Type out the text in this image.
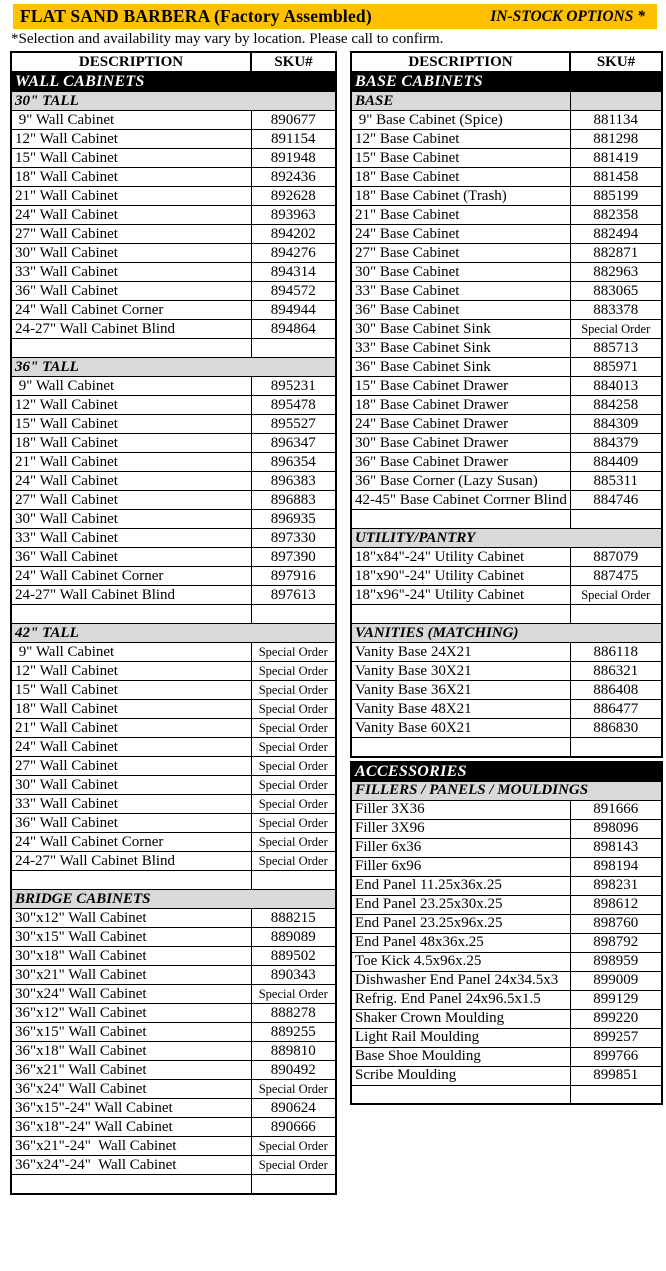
FLAT SAND BARBERA (Factory Assembled)	IN-STOCK OPTIONS *
*Selection and availability may vary by location. Please call to confirm.
DESCRIPTION	SKU#
WALL CABINETS	
30" TALL	
9" Wall Cabinet	890677
12" Wall Cabinet	891154
15" Wall Cabinet	891948
18" Wall Cabinet	892436
21" Wall Cabinet	892628
24" Wall Cabinet	893963
27" Wall Cabinet	894202
30" Wall Cabinet	894276
33" Wall Cabinet	894314
36" Wall Cabinet	894572
24" Wall Cabinet Corner	894944
24-27" Wall Cabinet Blind	894864

36" TALL	
9" Wall Cabinet	895231
12" Wall Cabinet	895478
15" Wall Cabinet	895527
18" Wall Cabinet	896347
21" Wall Cabinet	896354
24" Wall Cabinet	896383
27" Wall Cabinet	896883
30" Wall Cabinet	896935
33" Wall Cabinet	897330
36" Wall Cabinet	897390
24" Wall Cabinet Corner	897916
24-27" Wall Cabinet Blind	897613

42" TALL	
9" Wall Cabinet	Special Order
12" Wall Cabinet	Special Order
15" Wall Cabinet	Special Order
18" Wall Cabinet	Special Order
21" Wall Cabinet	Special Order
24" Wall Cabinet	Special Order
27" Wall Cabinet	Special Order
30" Wall Cabinet	Special Order
33" Wall Cabinet	Special Order
36" Wall Cabinet	Special Order
24" Wall Cabinet Corner	Special Order
24-27" Wall Cabinet Blind	Special Order

BRIDGE CABINETS	
30"x12" Wall Cabinet	888215
30"x15" Wall Cabinet	889089
30"x18" Wall Cabinet	889502
30"x21" Wall Cabinet	890343
30"x24" Wall Cabinet	Special Order
36"x12" Wall Cabinet	888278
36"x15" Wall Cabinet	889255
36"x18" Wall Cabinet	889810
36"x21" Wall Cabinet	890492
36"x24" Wall Cabinet	Special Order
36"x15"-24" Wall Cabinet	890624
36"x18"-24" Wall Cabinet	890666
36"x21"-24"  Wall Cabinet	Special Order
36"x24"-24"  Wall Cabinet	Special Order

DESCRIPTION	SKU#
BASE CABINETS	
BASE	
9" Base Cabinet (Spice)	881134
12" Base Cabinet	881298
15" Base Cabinet	881419
18" Base Cabinet	881458
18" Base Cabinet (Trash)	885199
21" Base Cabinet	882358
24" Base Cabinet	882494
27" Base Cabinet	882871
30" Base Cabinet	882963
33" Base Cabinet	883065
36" Base Cabinet	883378
30" Base Cabinet Sink	Special Order
33" Base Cabinet Sink	885713
36" Base Cabinet Sink	885971
15" Base Cabinet Drawer	884013
18" Base Cabinet Drawer	884258
24" Base Cabinet Drawer	884309
30" Base Cabinet Drawer	884379
36" Base Cabinet Drawer	884409
36" Base Corner (Lazy Susan)	885311
42-45" Base Cabinet Corrner Blind	884746

UTILITY/PANTRY	
18"x84"-24" Utility Cabinet	887079
18"x90"-24" Utility Cabinet	887475
18"x96"-24" Utility Cabinet	Special Order

VANITIES (MATCHING)	
Vanity Base 24X21	886118
Vanity Base 30X21	886321
Vanity Base 36X21	886408
Vanity Base 48X21	886477
Vanity Base 60X21	886830

ACCESSORIES	
FILLERS / PANELS / MOULDINGS	
Filler 3X36	891666
Filler 3X96	898096
Filler 6x36	898143
Filler 6x96	898194
End Panel 11.25x36x.25	898231
End Panel 23.25x30x.25	898612
End Panel 23.25x96x.25	898760
End Panel 48x36x.25	898792
Toe Kick 4.5x96x.25	898959
Dishwasher End Panel 24x34.5x3	899009
Refrig. End Panel 24x96.5x1.5	899129
Shaker Crown Moulding	899220
Light Rail Moulding	899257
Base Shoe Moulding	899766
Scribe Moulding	899851
